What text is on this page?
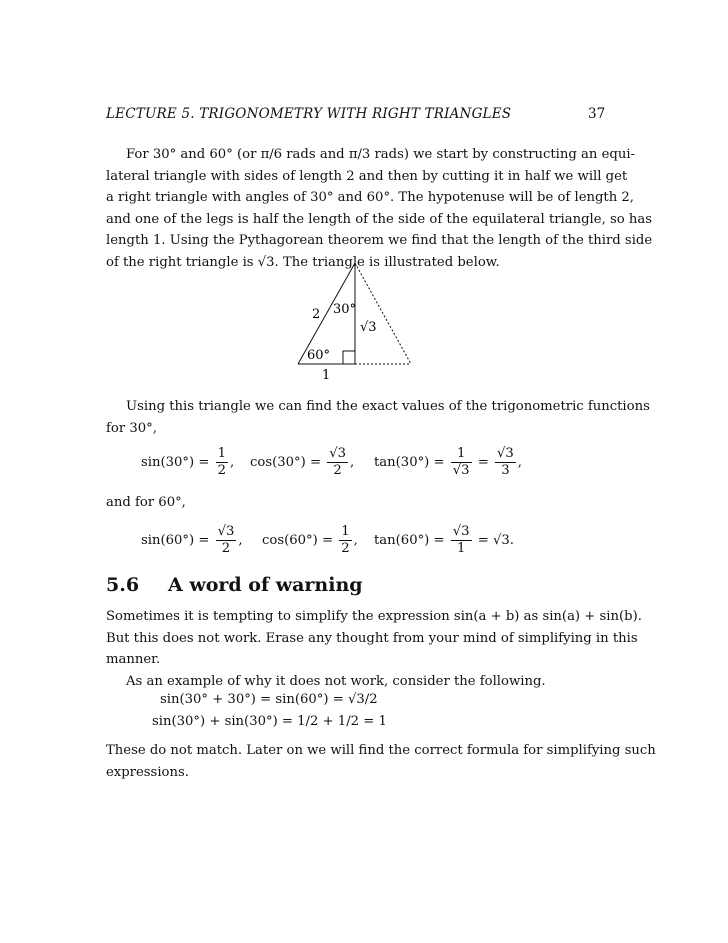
LECTURE 5. TRIGONOMETRY WITH RIGHT TRIANGLES	37
For 30° and 60° (or π/6 rads and π/3 rads) we start by constructing an equi-
lateral triangle with sides of length 2 and then by cutting it in half we will get
a right triangle with angles of 30° and 60°. The hypotenuse will be of length 2,
and one of the legs is half the length of the side of the equilateral triangle, so has
length 1. Using the Pythagorean theorem we find that the length of the third side
of the right triangle is √3. The triangle is illustrated below.
2 30°
√3
60°
1
Using this triangle we can find the exact values of the trigonometric functions
for 30°,
$\sin(30^\circ) = \frac{1}{2}$ , $\cos(30^\circ) = \frac{√3}{2}$ , $\tan(30^\circ) = \frac{1}{√3} = \frac{√3}{3}$ ,
and for 60°,
$\sin(60^\circ) = \frac{√3}{2}$ , $\cos(60^\circ) = \frac{1}{2}$ , $\tan(60^\circ) = \frac{√3}{1} = √3$.
5.6 A word of warning
Sometimes it is tempting to simplify the expression sin(a + b) as sin(a) + sin(b).
But this does not work. Erase any thought from your mind of simplifying in this
manner.
As an example of why it does not work, consider the following.
sin(30° + 30°) = sin(60°) = √3/2
sin(30°) + sin(30°) = 1/2 + 1/2 = 1
These do not match. Later on we will find the correct formula for simplifying such
expressions.
